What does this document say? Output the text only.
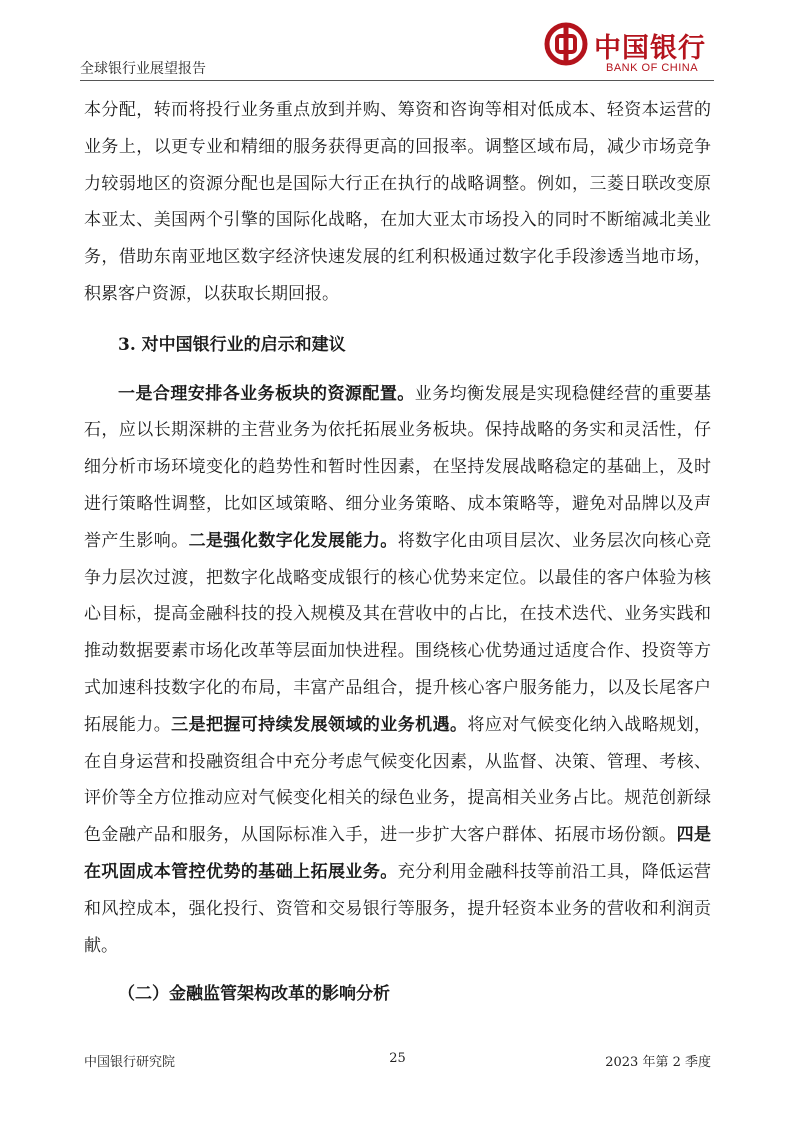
全球银行业展望报告
中国银行
BANK OF CHINA

本分配，转而将投行业务重点放到并购、筹资和咨询等相对低成本、轻资本运营的业务上，以更专业和精细的服务获得更高的回报率。调整区域布局，减少市场竞争力较弱地区的资源分配也是国际大行正在执行的战略调整。例如，三菱日联改变原本亚太、美国两个引擎的国际化战略，在加大亚太市场投入的同时不断缩减北美业务，借助东南亚地区数字经济快速发展的红利积极通过数字化手段渗透当地市场，积累客户资源，以获取长期回报。

3. 对中国银行业的启示和建议

一是合理安排各业务板块的资源配置。业务均衡发展是实现稳健经营的重要基石，应以长期深耕的主营业务为依托拓展业务板块。保持战略的务实和灵活性，仔细分析市场环境变化的趋势性和暂时性因素，在坚持发展战略稳定的基础上，及时进行策略性调整，比如区域策略、细分业务策略、成本策略等，避免对品牌以及声誉产生影响。二是强化数字化发展能力。将数字化由项目层次、业务层次向核心竞争力层次过渡，把数字化战略变成银行的核心优势来定位。以最佳的客户体验为核心目标，提高金融科技的投入规模及其在营收中的占比，在技术迭代、业务实践和推动数据要素市场化改革等层面加快进程。围绕核心优势通过适度合作、投资等方式加速科技数字化的布局，丰富产品组合，提升核心客户服务能力，以及长尾客户拓展能力。三是把握可持续发展领域的业务机遇。将应对气候变化纳入战略规划，在自身运营和投融资组合中充分考虑气候变化因素，从监督、决策、管理、考核、评价等全方位推动应对气候变化相关的绿色业务，提高相关业务占比。规范创新绿色金融产品和服务，从国际标准入手，进一步扩大客户群体、拓展市场份额。四是在巩固成本管控优势的基础上拓展业务。充分利用金融科技等前沿工具，降低运营和风控成本，强化投行、资管和交易银行等服务，提升轻资本业务的营收和利润贡献。

（二）金融监管架构改革的影响分析

中国银行研究院	25	2023 年第 2 季度
